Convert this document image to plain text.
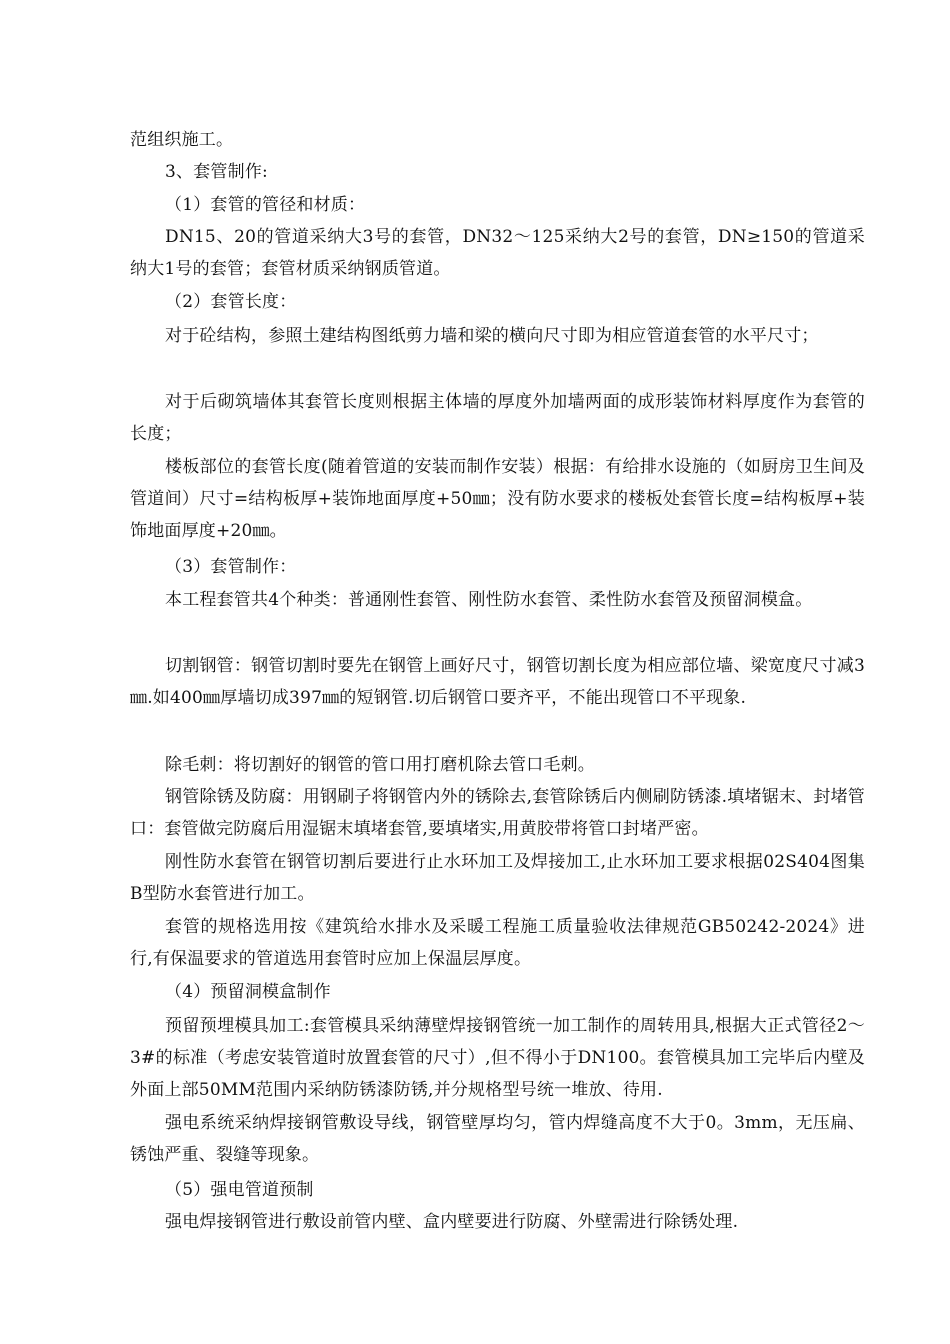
范组织施工。

3、套管制作:

（1）套管的管径和材质：

DN15、20的管道采纳大3号的套管，DN32～125采纳大2号的套管，DN≥150的管道采纳大1号的套管；套管材质采纳钢质管道。

（2）套管长度：

对于砼结构，参照土建结构图纸剪力墙和梁的横向尺寸即为相应管道套管的水平尺寸；

对于后砌筑墙体其套管长度则根据主体墙的厚度外加墙两面的成形装饰材料厚度作为套管的长度；

楼板部位的套管长度(随着管道的安装而制作安装）根据：有给排水设施的（如厨房卫生间及管道间）尺寸=结构板厚+装饰地面厚度+50㎜；没有防水要求的楼板处套管长度=结构板厚+装饰地面厚度+20㎜。

（3）套管制作：

本工程套管共4个种类：普通刚性套管、刚性防水套管、柔性防水套管及预留洞模盒。

切割钢管：钢管切割时要先在钢管上画好尺寸，钢管切割长度为相应部位墙、梁宽度尺寸减3㎜.如400㎜厚墙切成397㎜的短钢管.切后钢管口要齐平，不能出现管口不平现象.

除毛刺：将切割好的钢管的管口用打磨机除去管口毛刺。

钢管除锈及防腐：用钢刷子将钢管内外的锈除去,套管除锈后内侧刷防锈漆.填堵锯末、封堵管口：套管做完防腐后用湿锯末填堵套管,要填堵实,用黄胶带将管口封堵严密。

刚性防水套管在钢管切割后要进行止水环加工及焊接加工,止水环加工要求根据02S404图集B型防水套管进行加工。

套管的规格选用按《建筑给水排水及采暖工程施工质量验收法律规范GB50242-2024》进行,有保温要求的管道选用套管时应加上保温层厚度。

（4）预留洞模盒制作

预留预埋模具加工:套管模具采纳薄壁焊接钢管统一加工制作的周转用具,根据大正式管径2～3#的标准（考虑安装管道时放置套管的尺寸）,但不得小于DN100。套管模具加工完毕后内壁及外面上部50MM范围内采纳防锈漆防锈,并分规格型号统一堆放、待用.

强电系统采纳焊接钢管敷设导线，钢管壁厚均匀，管内焊缝高度不大于0。3mm，无压扁、锈蚀严重、裂缝等现象。

（5）强电管道预制

强电焊接钢管进行敷设前管内壁、盒内壁要进行防腐、外壁需进行除锈处理.
